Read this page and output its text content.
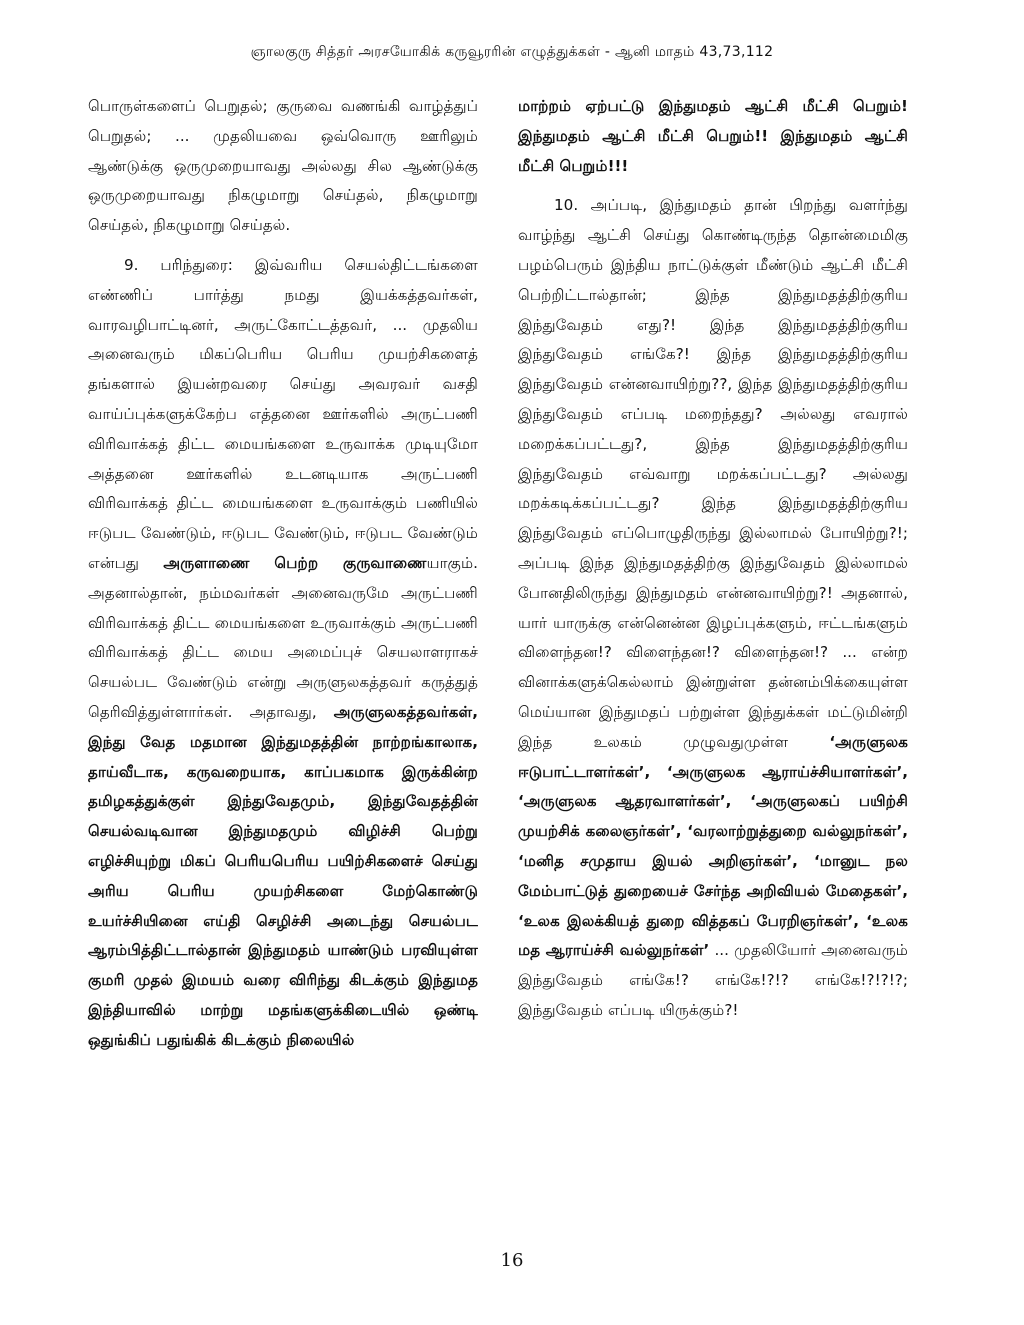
ஞாலகுரு சித்தர் அரசயோகிக் கருவூரரின் எழுத்துக்கள் - ஆனி மாதம் 43,73,112

பொருள்களைப் பெறுதல்; குருவை வணங்கி வாழ்த்துப் பெறுதல்; ... முதலியவை ஒவ்வொரு ஊரிலும் ஆண்டுக்கு ஒருமுறையாவது அல்லது சில ஆண்டுக்கு ஒருமுறையாவது நிகழுமாறு செய்தல், நிகழுமாறு செய்தல், நிகழுமாறு செய்தல்.

9. பரிந்துரை: இவ்வரிய செயல்திட்டங்களை எண்ணிப் பார்த்து நமது இயக்கத்தவர்கள், வாரவழிபாட்டினர், அருட்கோட்டத்தவர், ... முதலிய அனைவரும் மிகப்பெரிய பெரிய முயற்சிகளைத் தங்களால் இயன்றவரை செய்து அவரவர் வசதி வாய்ப்புக்களுக்கேற்ப எத்தனை ஊர்களில் அருட்பணி விரிவாக்கத் திட்ட மையங்களை உருவாக்க முடியுமோ அத்தனை ஊர்களில் உடனடியாக அருட்பணி விரிவாக்கத் திட்ட மையங்களை உருவாக்கும் பணியில் ஈடுபட வேண்டும், ஈடுபட வேண்டும், ஈடுபட வேண்டும் என்பது அருளாணை பெற்ற குருவாணையாகும். அதனால்தான், நம்மவர்கள் அனைவருமே அருட்பணி விரிவாக்கத் திட்ட மையங்களை உருவாக்கும் அருட்பணி விரிவாக்கத் திட்ட மைய அமைப்புச் செயலாளராகச் செயல்பட வேண்டும் என்று அருளுலகத்தவர் கருத்துத் தெரிவித்துள்ளார்கள். அதாவது, அருளுலகத்தவர்கள், இந்து வேத மதமான இந்துமதத்தின் நாற்றங்காலாக, தாய்வீடாக, கருவறையாக, காப்பகமாக இருக்கின்ற தமிழகத்துக்குள் இந்துவேதமும், இந்துவேதத்தின் செயல்வடிவான இந்துமதமும் விழிச்சி பெற்று எழிச்சியுற்று மிகப் பெரியபெரிய பயிற்சிகளைச் செய்து அரிய பெரிய முயற்சிகளை மேற்கொண்டு உயர்ச்சியினை எய்தி செழிச்சி அடைந்து செயல்பட ஆரம்பித்திட்டால்தான் இந்துமதம் யாண்டும் பரவியுள்ள குமரி முதல் இமயம் வரை விரிந்து கிடக்கும் இந்துமத இந்தியாவில் மாற்று மதங்களுக்கிடையில் ஒண்டி ஒதுங்கிப் பதுங்கிக் கிடக்கும் நிலையில்

மாற்றம் ஏற்பட்டு இந்துமதம் ஆட்சி மீட்சி பெறும்! இந்துமதம் ஆட்சி மீட்சி பெறும்!! இந்துமதம் ஆட்சி மீட்சி பெறும்!!!

10. அப்படி, இந்துமதம் தான் பிறந்து வளர்ந்து வாழ்ந்து ஆட்சி செய்து கொண்டிருந்த தொன்மைமிகு பழம்பெரும் இந்திய நாட்டுக்குள் மீண்டும் ஆட்சி மீட்சி பெற்றிட்டால்தான்; இந்த இந்துமதத்திற்குரிய இந்துவேதம் எது?! இந்த இந்துமதத்திற்குரிய இந்துவேதம் எங்கே?! இந்த இந்துமதத்திற்குரிய இந்துவேதம் என்னவாயிற்று??, இந்த இந்துமதத்திற்குரிய இந்துவேதம் எப்படி மறைந்தது? அல்லது எவரால் மறைக்கப்பட்டது?, இந்த இந்துமதத்திற்குரிய இந்துவேதம் எவ்வாறு மறக்கப்பட்டது? அல்லது மறக்கடிக்கப்பட்டது? இந்த இந்துமதத்திற்குரிய இந்துவேதம் எப்பொழுதிருந்து இல்லாமல் போயிற்று?!; அப்படி இந்த இந்துமதத்திற்கு இந்துவேதம் இல்லாமல் போனதிலிருந்து இந்துமதம் என்னவாயிற்று?! அதனால், யார் யாருக்கு என்னென்ன இழப்புக்களும், ஈட்டங்களும் விளைந்தன!? விளைந்தன!? விளைந்தன!? ... என்ற வினாக்களுக்கெல்லாம் இன்றுள்ள தன்னம்பிக்கையுள்ள மெய்யான இந்துமதப் பற்றுள்ள இந்துக்கள் மட்டுமின்றி இந்த உலகம் முழுவதுமுள்ள ‘அருளுலக ஈடுபாட்டாளர்கள்’, ‘அருளுலக ஆராய்ச்சியாளர்கள்’, ‘அருளுலக ஆதரவாளர்கள்’, ‘அருளுலகப் பயிற்சி முயற்சிக் கலைஞர்கள்’, ‘வரலாற்றுத்துறை வல்லுநர்கள்’, ‘மனித சமுதாய இயல் அறிஞர்கள்’, ‘மானுட நல மேம்பாட்டுத் துறையைச் சேர்ந்த அறிவியல் மேதைகள்’, ‘உலக இலக்கியத் துறை வித்தகப் பேரறிஞர்கள்’, ‘உலக மத ஆராய்ச்சி வல்லுநர்கள்’ ... முதலியோர் அனைவரும் இந்துவேதம் எங்கே!? எங்கே!?!? எங்கே!?!?!?; இந்துவேதம் எப்படி யிருக்கும்?!

16
